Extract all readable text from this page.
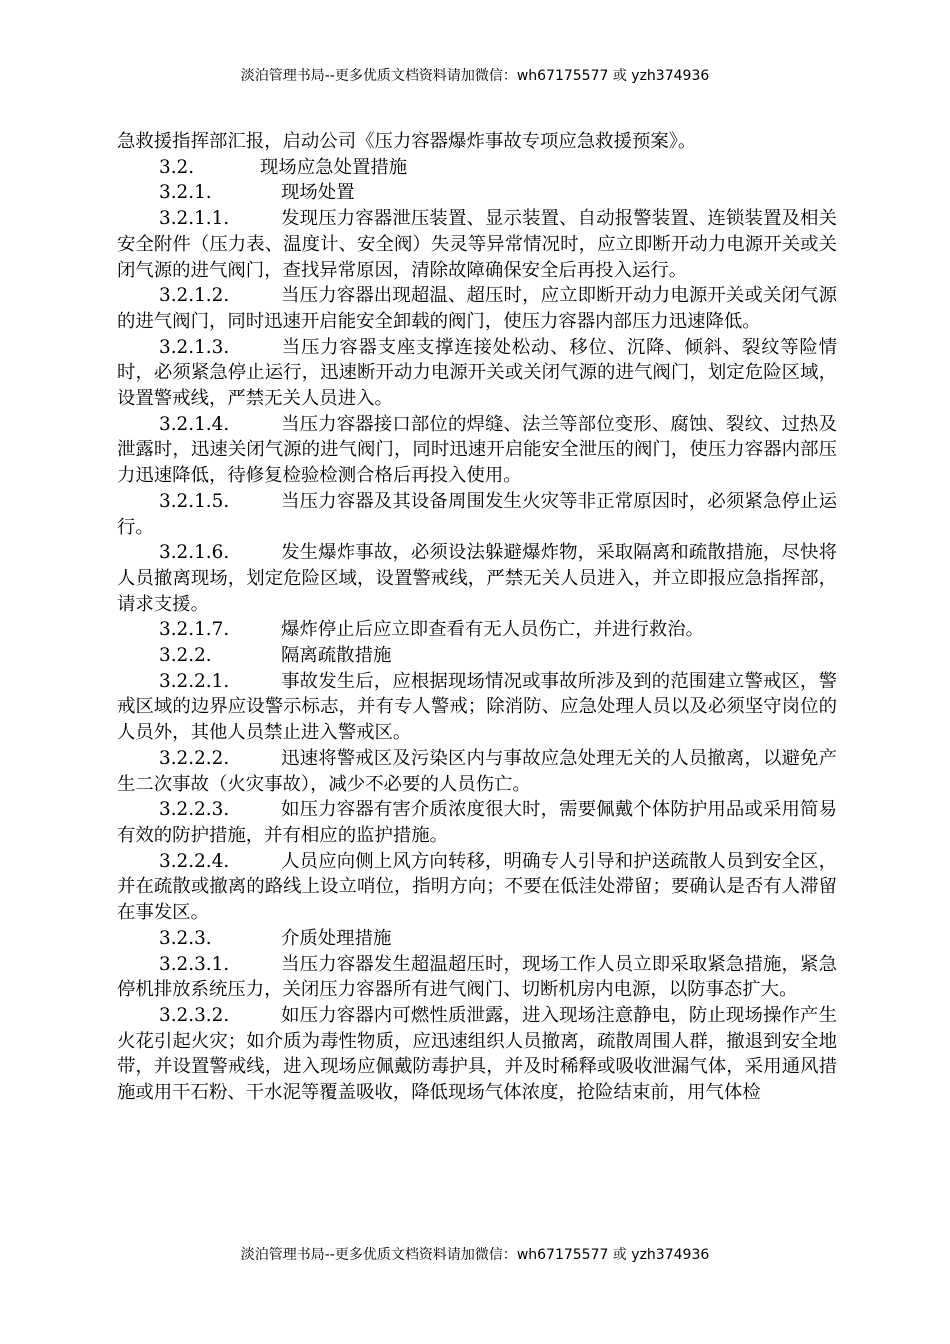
淡泊管理书局--更多优质文档资料请加微信：wh67175577 或 yzh374936

急救援指挥部汇报，启动公司《压力容器爆炸事故专项应急救援预案》。

3.2.	现场应急处置措施

3.2.1.	现场处置

3.2.1.1.	发现压力容器泄压装置、显示装置、自动报警装置、连锁装置及相关安全附件（压力表、温度计、安全阀）失灵等异常情况时，应立即断开动力电源开关或关闭气源的进气阀门，查找异常原因，清除故障确保安全后再投入运行。

3.2.1.2.	当压力容器出现超温、超压时，应立即断开动力电源开关或关闭气源的进气阀门，同时迅速开启能安全卸载的阀门，使压力容器内部压力迅速降低。

3.2.1.3.	当压力容器支座支撑连接处松动、移位、沉降、倾斜、裂纹等险情时，必须紧急停止运行，迅速断开动力电源开关或关闭气源的进气阀门，划定危险区域，设置警戒线，严禁无关人员进入。

3.2.1.4.	当压力容器接口部位的焊缝、法兰等部位变形、腐蚀、裂纹、过热及泄露时，迅速关闭气源的进气阀门，同时迅速开启能安全泄压的阀门，使压力容器内部压力迅速降低，待修复检验检测合格后再投入使用。

3.2.1.5.	当压力容器及其设备周围发生火灾等非正常原因时，必须紧急停止运行。

3.2.1.6.	发生爆炸事故，必须设法躲避爆炸物，采取隔离和疏散措施，尽快将人员撤离现场，划定危险区域，设置警戒线，严禁无关人员进入，并立即报应急指挥部，请求支援。

3.2.1.7.	爆炸停止后应立即查看有无人员伤亡，并进行救治。

3.2.2.	隔离疏散措施

3.2.2.1.	事故发生后，应根据现场情况或事故所涉及到的范围建立警戒区，警戒区域的边界应设警示标志，并有专人警戒；除消防、应急处理人员以及必须坚守岗位的人员外，其他人员禁止进入警戒区。

3.2.2.2.	迅速将警戒区及污染区内与事故应急处理无关的人员撤离，以避免产生二次事故（火灾事故），减少不必要的人员伤亡。

3.2.2.3.	如压力容器有害介质浓度很大时，需要佩戴个体防护用品或采用简易有效的防护措施，并有相应的监护措施。

3.2.2.4.	人员应向侧上风方向转移，明确专人引导和护送疏散人员到安全区，并在疏散或撤离的路线上设立哨位，指明方向；不要在低洼处滞留；要确认是否有人滞留在事发区。

3.2.3.	介质处理措施

3.2.3.1.	当压力容器发生超温超压时，现场工作人员立即采取紧急措施，紧急停机排放系统压力，关闭压力容器所有进气阀门、切断机房内电源，以防事态扩大。

3.2.3.2.	如压力容器内可燃性质泄露，进入现场注意静电，防止现场操作产生火花引起火灾；如介质为毒性物质，应迅速组织人员撤离，疏散周围人群，撤退到安全地带，并设置警戒线，进入现场应佩戴防毒护具，并及时稀释或吸收泄漏气体，采用通风措施或用干石粉、干水泥等覆盖吸收，降低现场气体浓度，抢险结束前，用气体检

淡泊管理书局--更多优质文档资料请加微信：wh67175577 或 yzh374936
